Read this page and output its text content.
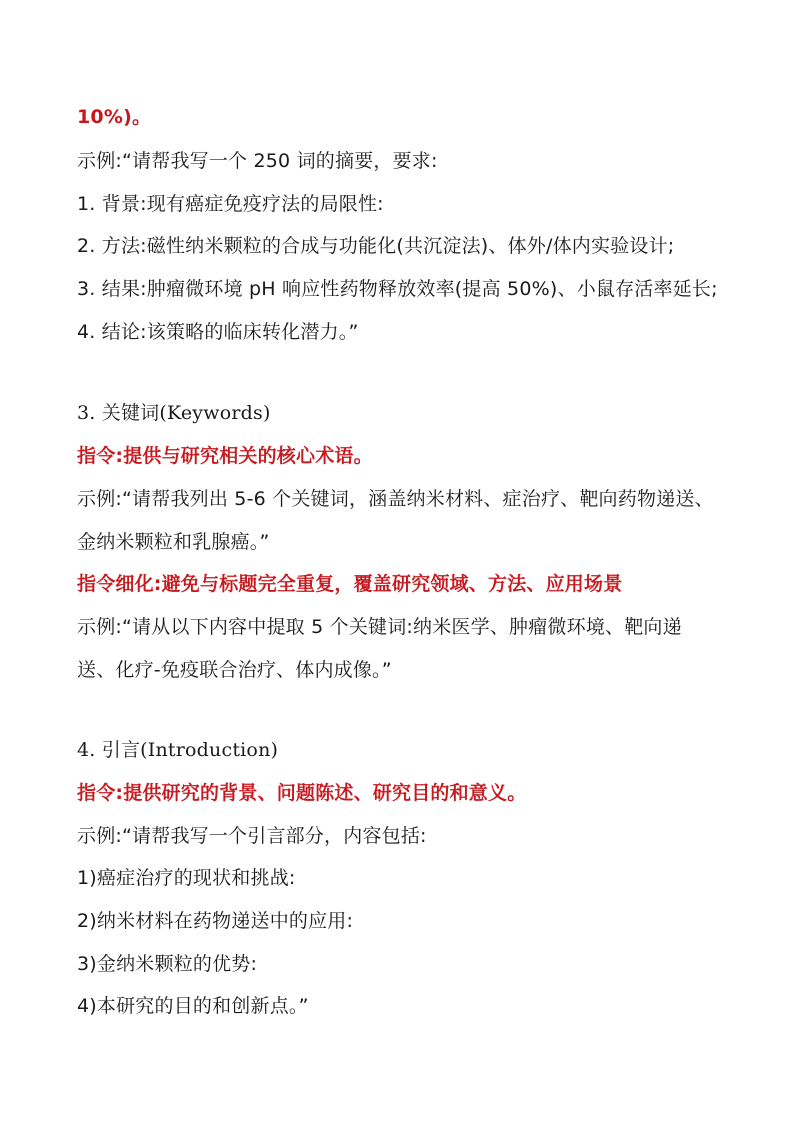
10%)。
示例:“请帮我写一个 250 词的摘要，要求:
1. 背景:现有癌症免疫疗法的局限性:
2. 方法:磁性纳米颗粒的合成与功能化(共沉淀法)、体外/体内实验设计;
3. 结果:肿瘤微环境 pH 响应性药物释放效率(提高 50%)、小鼠存活率延长;
4. 结论:该策略的临床转化潜力。”
3. 关键词(Keywords)
指令:提供与研究相关的核心术语。
示例:“请帮我列出 5-6 个关键词，涵盖纳米材料、症治疗、靶向药物递送、
金纳米颗粒和乳腺癌。”
指令细化:避免与标题完全重复，覆盖研究领域、方法、应用场景
示例:“请从以下内容中提取 5 个关键词:纳米医学、肿瘤微环境、靶向递
送、化疗-免疫联合治疗、体内成像。”
4. 引言(Introduction)
指令:提供研究的背景、问题陈述、研究目的和意义。
示例:“请帮我写一个引言部分，内容包括:
1)癌症治疗的现状和挑战:
2)纳米材料在药物递送中的应用:
3)金纳米颗粒的优势:
4)本研究的目的和创新点。”
